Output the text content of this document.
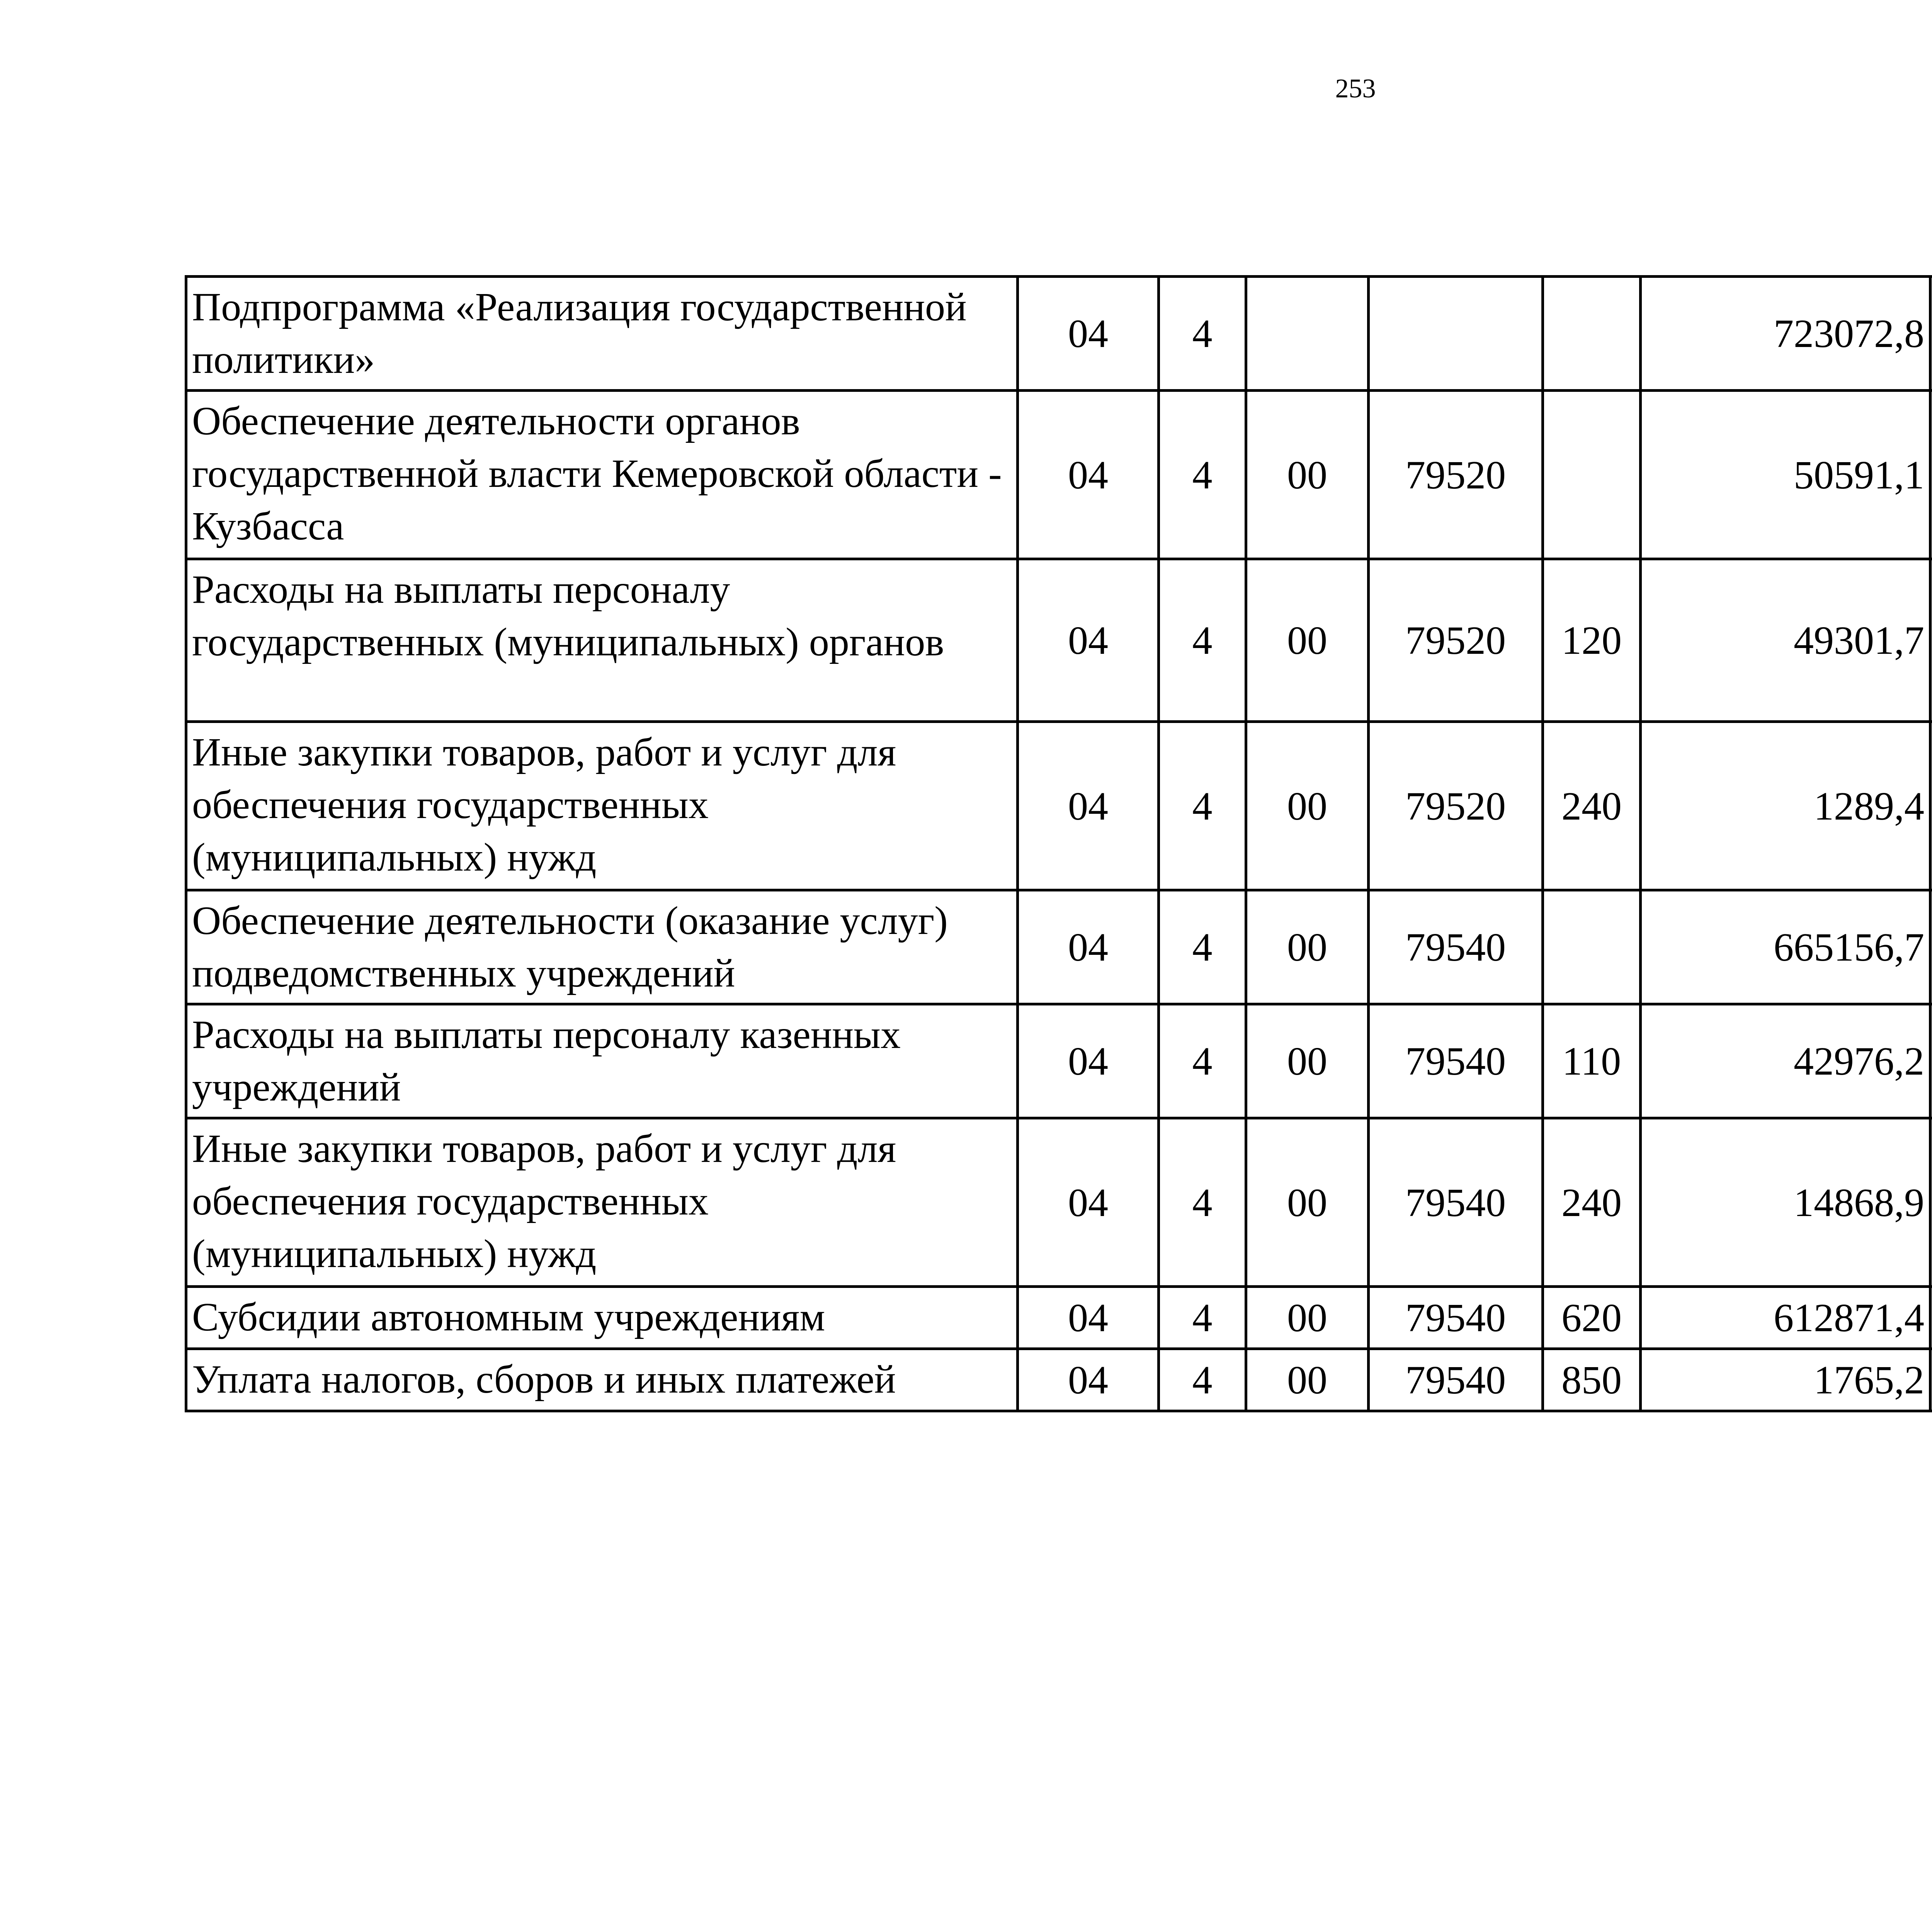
253
Подпрограмма «Реализация государственной политики»	04	4				723072,8		
Обеспечение деятельности органов государственной власти Кемеровской области - Кузбасса	04	4	00	79520		50591,1		
Расходы на выплаты персоналу государственных (муниципальных) органов	04	4	00	79520	120	49301,7		
Иные закупки товаров, работ и услуг для обеспечения государственных (муниципальных) нужд	04	4	00	79520	240	1289,4		
Обеспечение деятельности (оказание услуг) подведомственных учреждений	04	4	00	79540		665156,7		
Расходы на выплаты персоналу казенных учреждений	04	4	00	79540	110	42976,2		
Иные закупки товаров, работ и услуг для обеспечения государственных (муниципальных) нужд	04	4	00	79540	240	14868,9		
Субсидии автономным учреждениям	04	4	00	79540	620	612871,4		
Уплата налогов, сборов и иных платежей	04	4	00	79540	850	1765,2		
